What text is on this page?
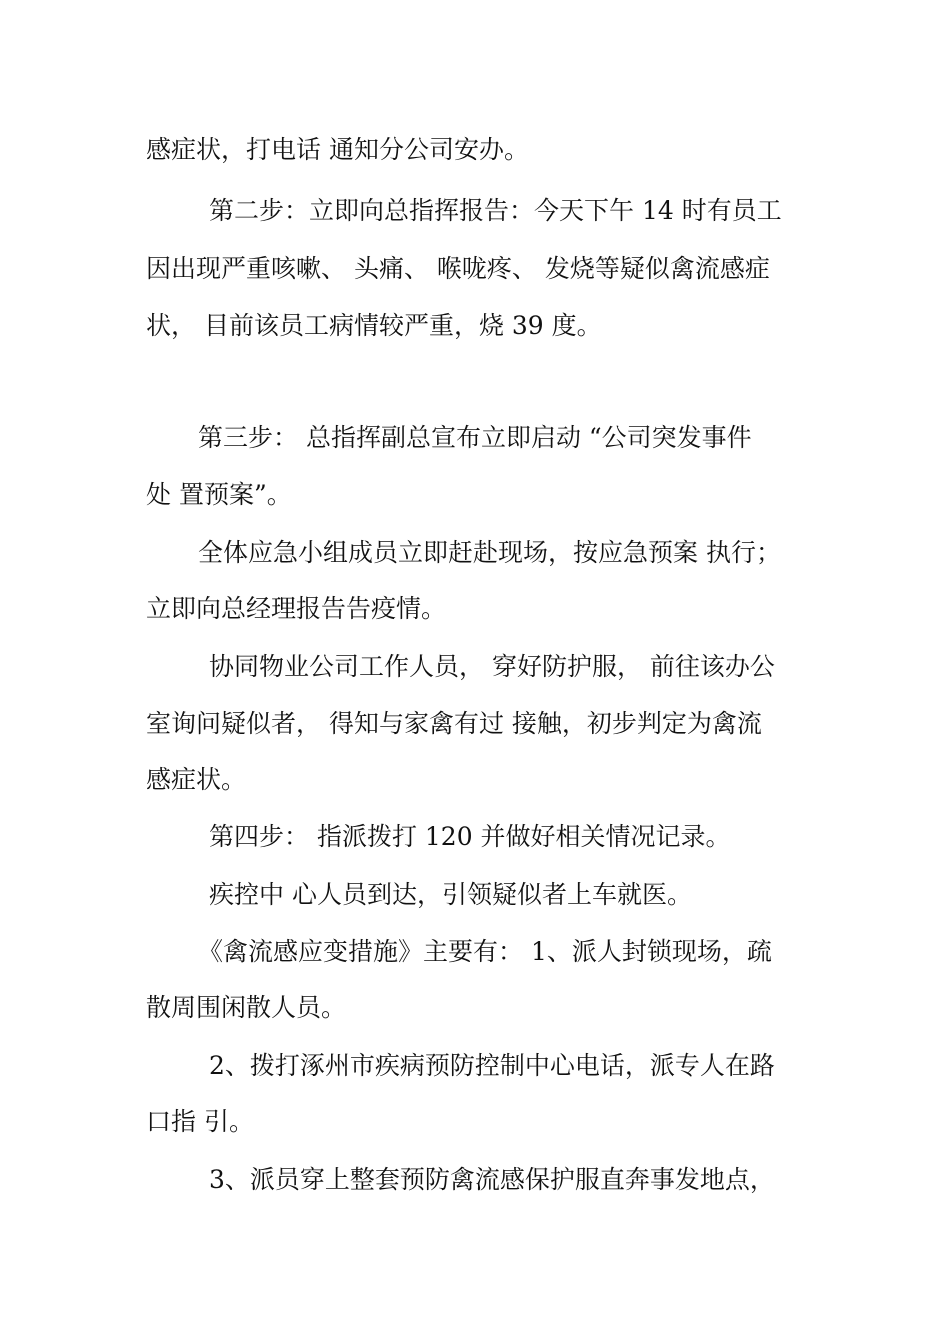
感症状，打电话 通知分公司安办。
第二步：立即向总指挥报告：今天下午 14 时有员工
因出现严重咳嗽、 头痛、 喉咙疼、 发烧等疑似禽流感症
状， 目前该员工病情较严重，烧 39 度。
第三步： 总指挥副总宣布立即启动 “公司突发事件
处 置预案”。
全体应急小组成员立即赶赴现场，按应急预案 执行；
立即向总经理报告告疫情。
协同物业公司工作人员， 穿好防护服， 前往该办公
室询问疑似者， 得知与家禽有过 接触，初步判定为禽流
感症状。
第四步： 指派拨打 120 并做好相关情况记录。
疾控中 心人员到达，引领疑似者上车就医。
《禽流感应变措施》主要有： 1、派人封锁现场，疏
散周围闲散人员。
2、拨打涿州市疾病预防控制中心电话，派专人在路
口指 引。
3、派员穿上整套预防禽流感保护服直奔事发地点，
